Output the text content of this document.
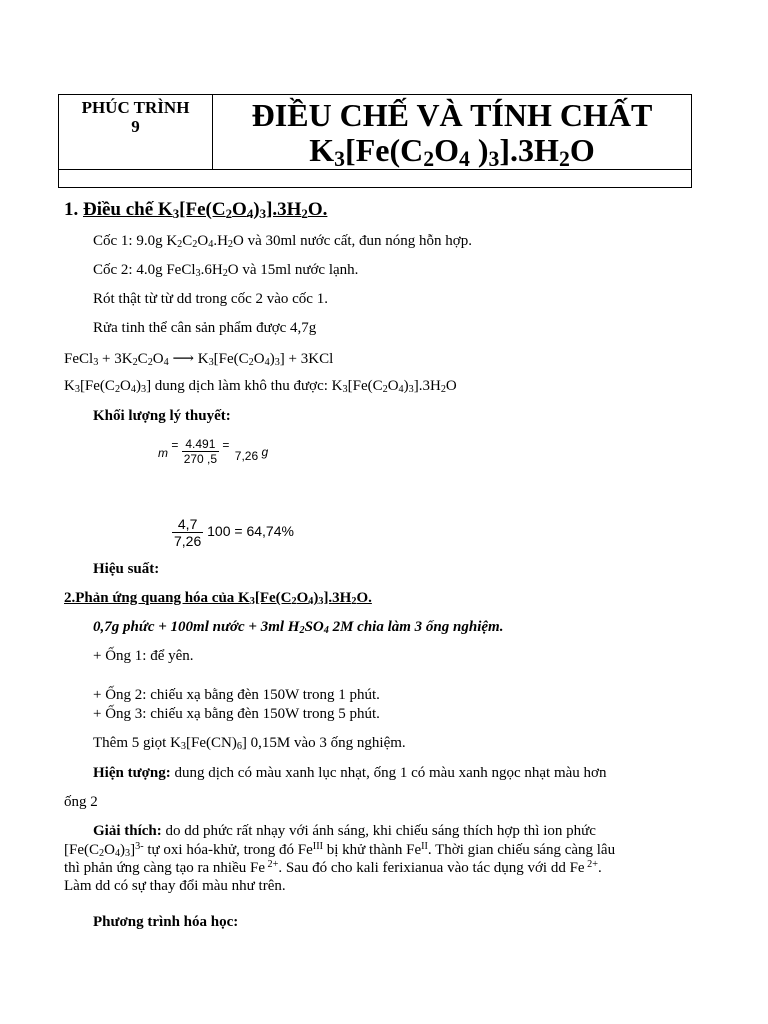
PHÚC TRÌNH
9	ĐIỀU CHẾ VÀ TÍNH CHẤT
$K_3[Fe(C_2O_4$ )$_3].3H_2O$
1. Điều chế $K_3[Fe(C_2O_4)_3].3H_2O$.
Cốc 1: 9.0g $K_2C_2O_4.H_2O$ và 30ml nước cất, đun nóng hỗn hợp.
Cốc 2: 4.0g $FeCl_3.6H_2O$ và 15ml nước lạnh.
Rót thật từ từ dd trong cốc 2 vào cốc 1.
Rửa tinh thể cân sản phẩm được 4,7g
FeCl$_3$ + $3K_2C_2O_4$ ⟶ $K_3[Fe(C_2O_4)_3] + 3KCl$
$K_3[Fe(C_2O_4)_3]$ dung dịch làm khô thu được: $K_3[Fe(C_2O_4)_3].3H_2O$
Khối lượng lý thuyết:
$m = \frac{4.491}{270 ,5} = 7,26$ g
$\frac{4,7}{7,26} 100 = 64,74\%$
Hiệu suất:
2.Phản ứng quang hóa của $K_3[Fe(C_2O_4)_3].3H_2O$.
0,7g phức + 100ml nước + 3ml $H_2SO_4$ 2M chia làm 3 ống nghiệm.
+ Ống 1: để yên.
+ Ống 2: chiếu xạ bằng đèn 150W trong 1 phút.
+ Ống 3: chiếu xạ bằng đèn 150W trong 5 phút.
Thêm 5 giọt $K_3[Fe(CN)_6]$ 0,15M vào 3 ống nghiệm.
Hiện tượng: dung dịch có màu xanh lục nhạt, ống 1 có màu xanh ngọc nhạt màu hơn
ống 2
Giải thích: do dd phức rất nhạy với ánh sáng, khi chiếu sáng thích hợp thì ion phức
$[Fe(C_2O_4)_3]^{3-}$ tự oxi hóa-khử, trong đó $Fe^{III}$ bị khử thành $Fe^{II}$. Thời gian chiếu sáng càng lâu
thì phản ứng càng tạo ra nhiều Fe $^{2+}$. Sau đó cho kali ferixianua vào tác dụng với dd Fe $^{2+}$.
Làm dd có sự thay đổi màu như trên.
Phương trình hóa học:
